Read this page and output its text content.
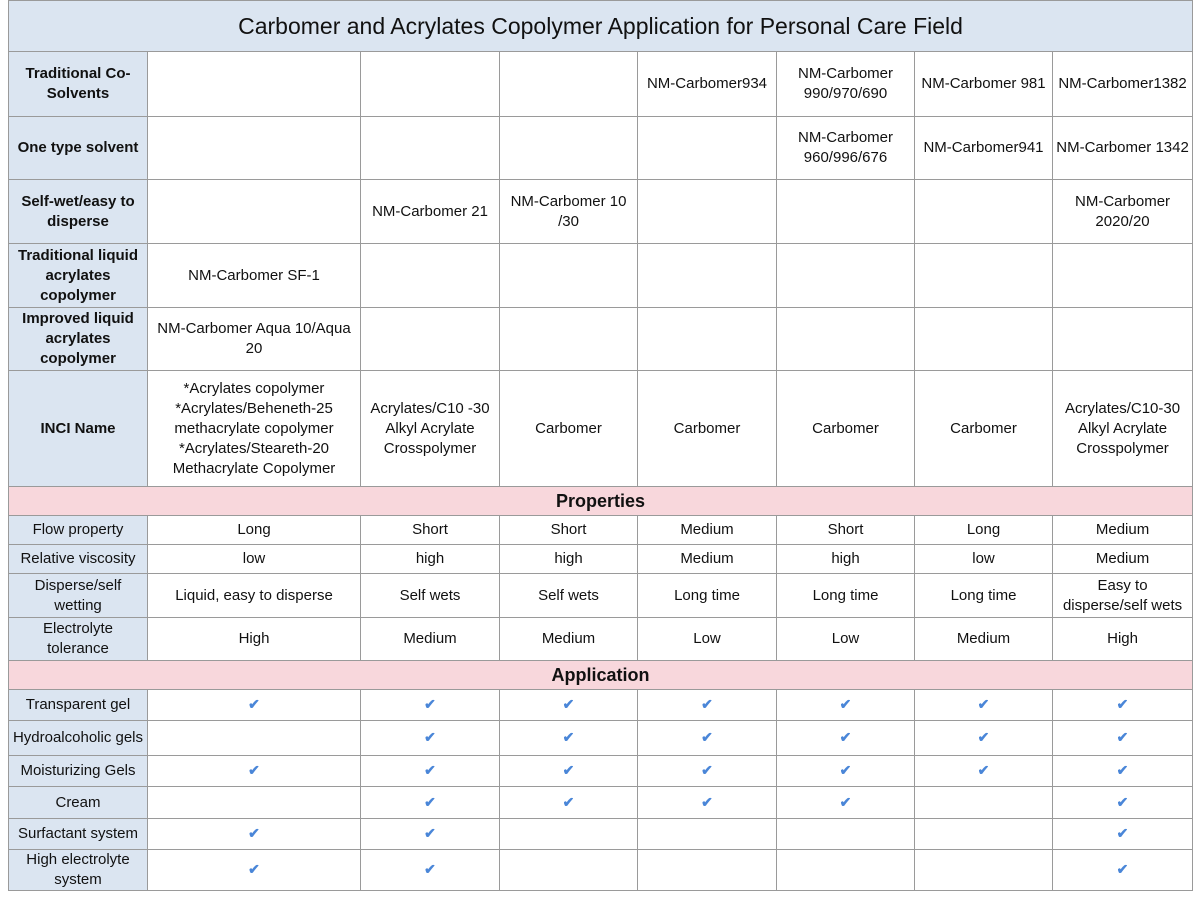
Carbomer and Acrylates Copolymer Application for Personal Care Field							
Traditional Co-Solvents				NM-Carbomer934	NM-Carbomer 990/970/690	NM-Carbomer 981	NM-Carbomer1382
One type solvent					NM-Carbomer 960/996/676	NM-Carbomer941	NM-Carbomer 1342
Self-wet/easy to disperse		NM-Carbomer 21	NM-Carbomer 10 /30				NM-Carbomer 2020/20
Traditional liquid acrylates copolymer	NM-Carbomer SF-1						
Improved liquid acrylates copolymer	NM-Carbomer Aqua 10/Aqua 20						
INCI Name	*Acrylates copolymer *Acrylates/Beheneth-25 methacrylate copolymer *Acrylates/Steareth-20 Methacrylate Copolymer	Acrylates/C10 -30 Alkyl Acrylate Crosspolymer	Carbomer	Carbomer	Carbomer	Carbomer	Acrylates/C10-30 Alkyl Acrylate Crosspolymer
Properties							
Flow property	Long	Short	Short	Medium	Short	Long	Medium
Relative viscosity	low	high	high	Medium	high	low	Medium
Disperse/self wetting	Liquid, easy to disperse	Self wets	Self wets	Long time	Long time	Long time	Easy to disperse/self wets
Electrolyte tolerance	High	Medium	Medium	Low	Low	Medium	High
Application							
Transparent gel	✔	✔	✔	✔	✔	✔	✔
Hydroalcoholic gels		✔	✔	✔	✔	✔	✔
Moisturizing Gels	✔	✔	✔	✔	✔	✔	✔
Cream		✔	✔	✔	✔		✔
Surfactant system	✔	✔					✔
High electrolyte system	✔	✔					✔
